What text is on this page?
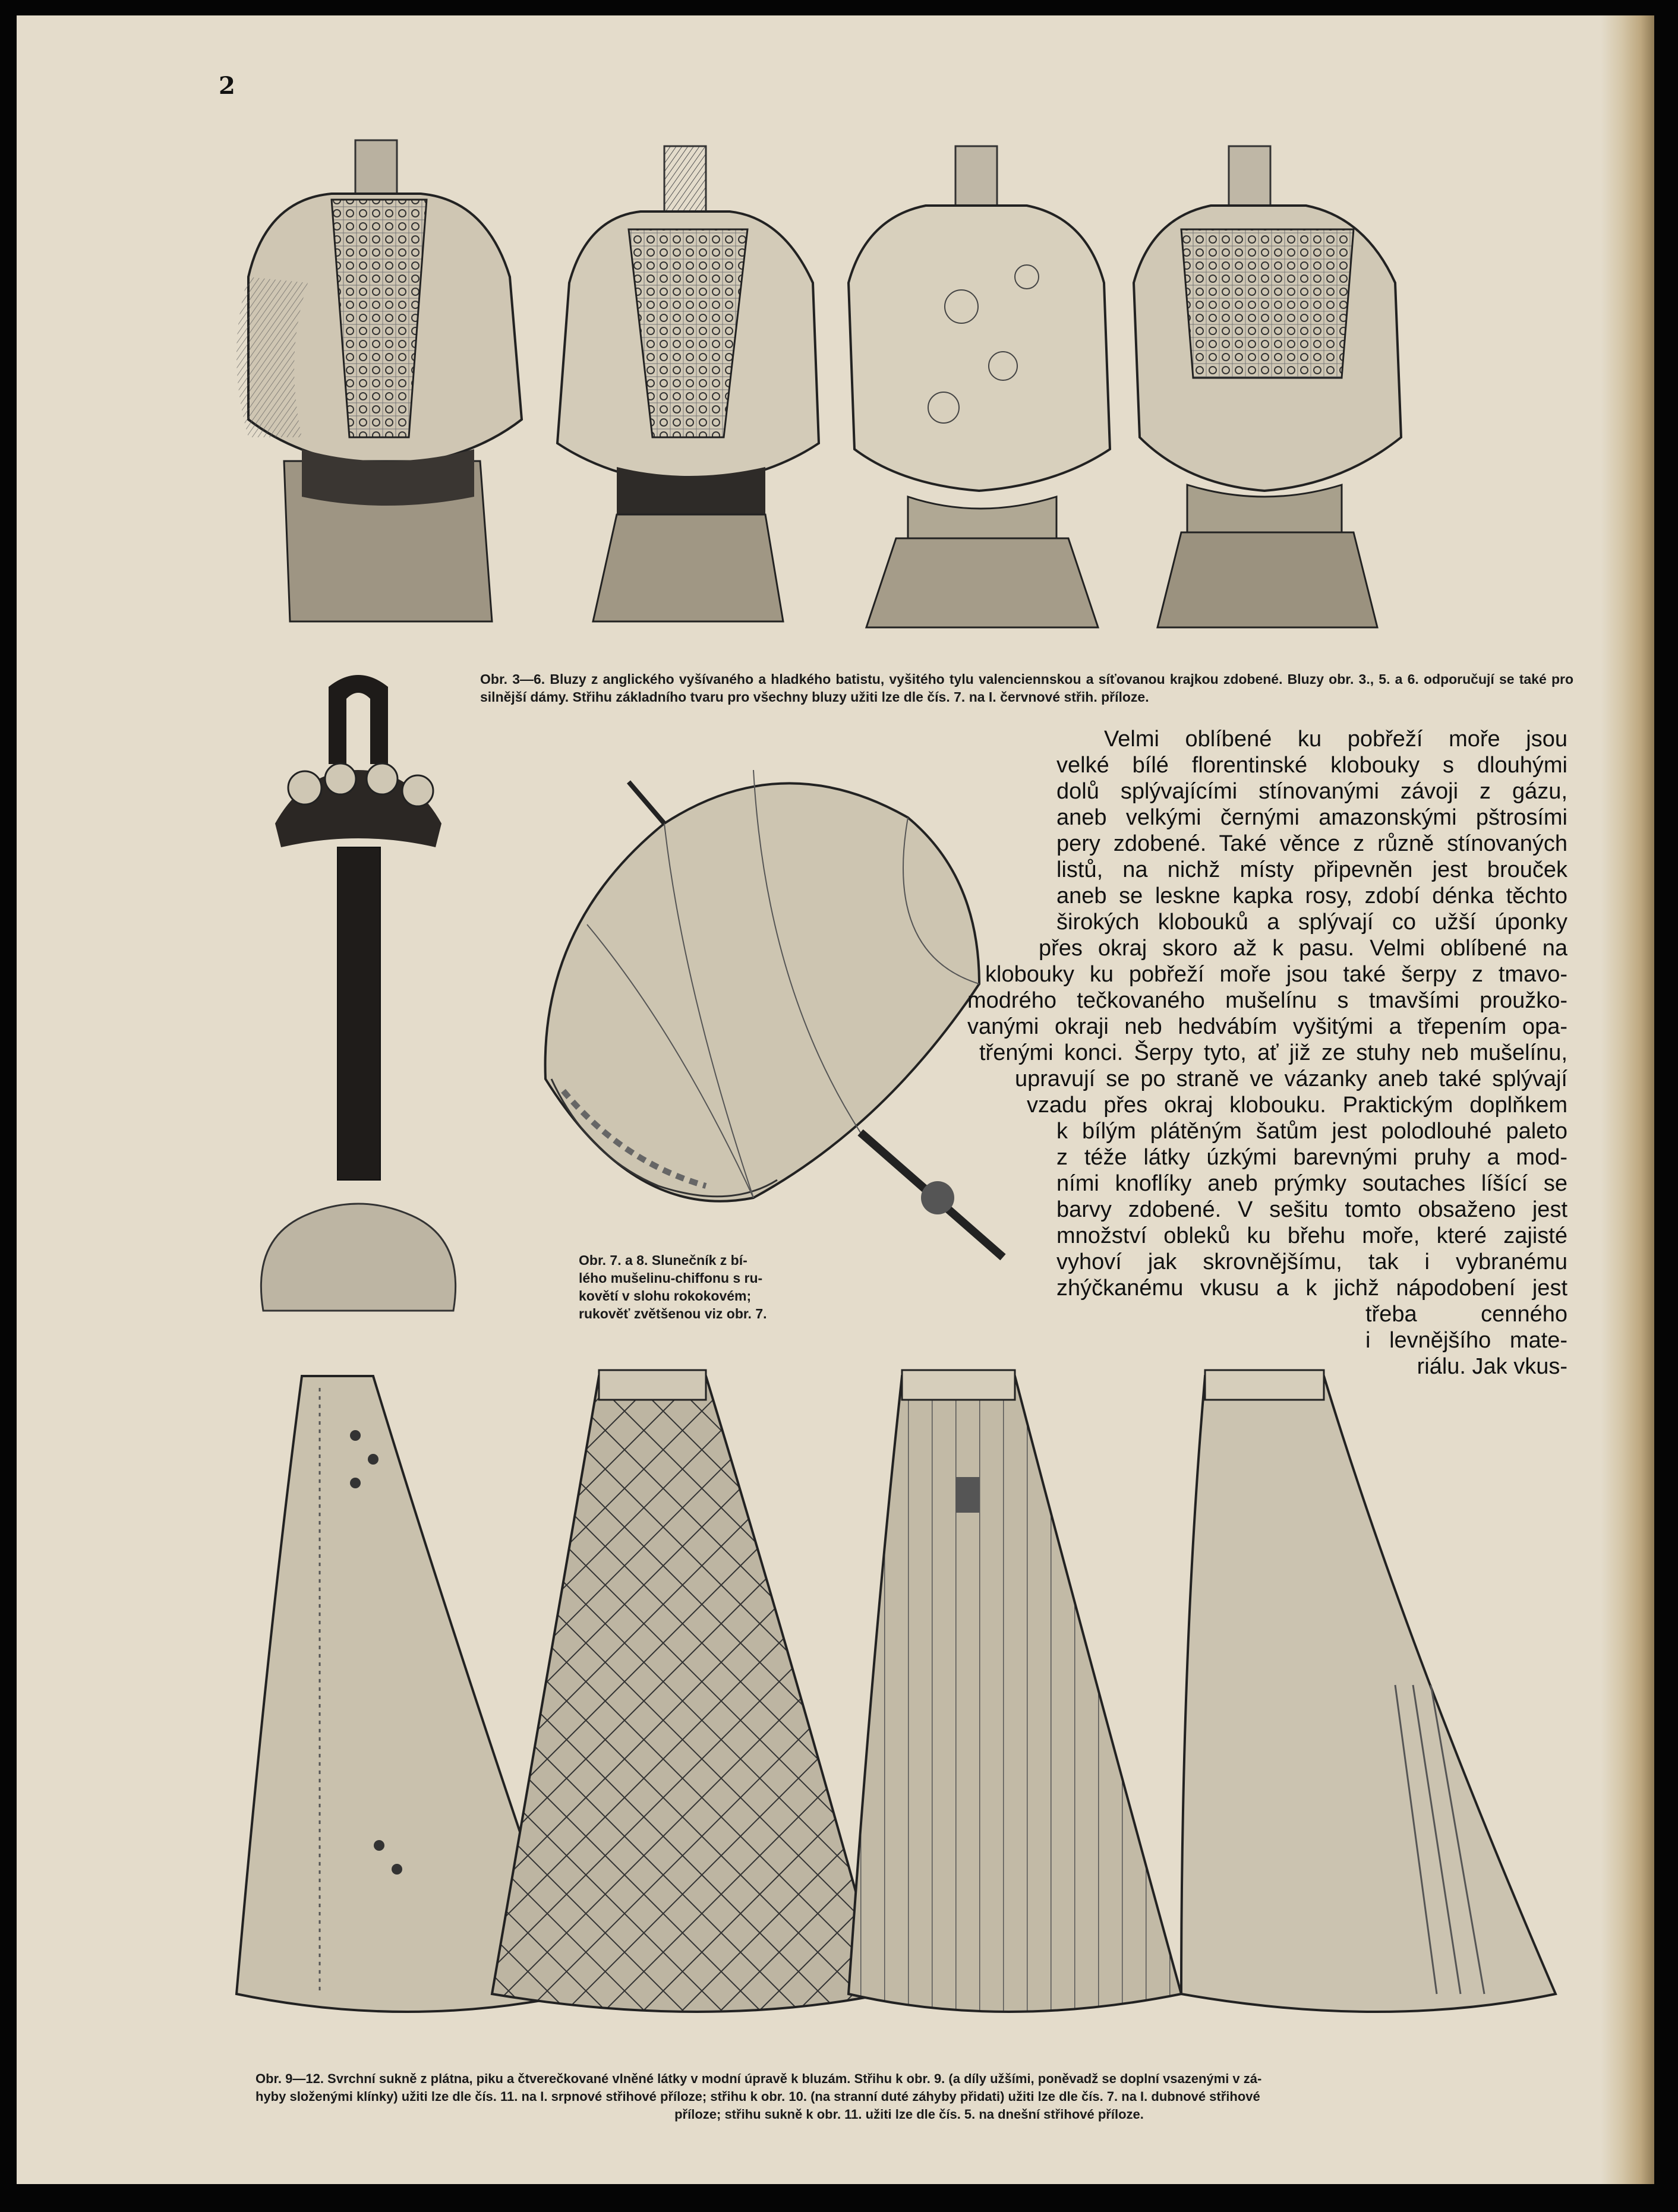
2
Obr. 3—6. Bluzy z anglického vyšívaného a hladkého batistu, vyšitého tylu valenciennskou a síťovanou krajkou zdobené. Bluzy obr. 3., 5. a 6. odporučují se také pro silnější dámy. Střihu základního tvaru pro všechny bluzy užiti lze dle čís. 7. na I. červnové střih. příloze.
Obr. 7. a 8. Slunečník z bí-
lého mušelinu-chiffonu s ru-
kovětí v slohu rokokovém;
rukověť zvětšenou viz obr. 7.
Velmi oblíbené ku pobřeží moře jsou
velké bílé florentinské klobouky s dlouhými
dolů splývajícími stínovanými závoji z gázu,
aneb velkými černými amazonskými pštrosími
pery zdobené. Také věnce z různě stínovaných
listů, na nichž místy připevněn jest brouček
aneb se leskne kapka rosy, zdobí dénka těchto
širokých klobouků a splývají co užší úponky
přes okraj skoro až k pasu. Velmi oblíbené na
klobouky ku pobřeží moře jsou také šerpy z tmavo-
modrého tečkovaného mušelínu s tmavšími proužko-
vanými okraji neb hedvábím vyšitými a třepením opa-
třenými konci. Šerpy tyto, ať již ze stuhy neb mušelínu,
upravují se po straně ve vázanky aneb také splývají
vzadu přes okraj klobouku. Praktickým doplňkem
k bílým plátěným šatům jest polodlouhé paleto
z téže látky úzkými barevnými pruhy a mod-
ními knoflíky aneb prýmky soutaches líšící se
barvy zdobené. V sešitu tomto obsaženo jest
množství obleků ku břehu moře, které zajisté
vyhoví jak skrovnějšímu, tak i vybranému
zhýčkanému vkusu a k jichž nápodobení jest
třeba cenného
i levnějšího mate-
riálu. Jak vkus-
Obr. 9—12. Svrchní sukně z plátna, piku a čtverečkované vlněné látky v modní úpravě k bluzám. Střihu k obr. 9. (a díly užšími, poněvadž se doplní vsazenými v zá-
hyby složenými klínky) užiti lze dle čís. 11. na I. srpnové střihové příloze; střihu k obr. 10. (na stranní duté záhyby přidati) užiti lze dle čís. 7. na I. dubnové střihové
příloze; střihu sukně k obr. 11. užiti lze dle čís. 5. na dnešní střihové příloze.
